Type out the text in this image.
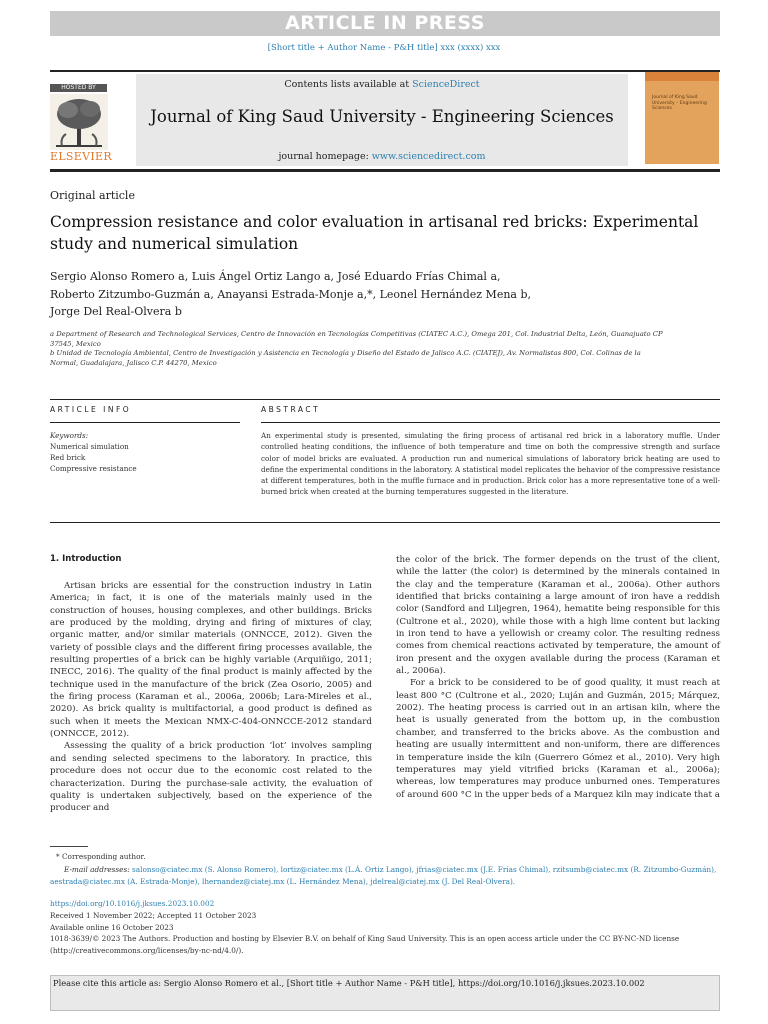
ARTICLE IN PRESS
[Short title + Author Name - P&H title] xxx (xxxx) xxx
HOSTED BY
ELSEVIER
Contents lists available at ScienceDirect
Journal of King Saud University - Engineering Sciences
journal homepage: www.sciencedirect.com
Journal of King Saud University – Engineering Sciences
Original article
Compression resistance and color evaluation in artisanal red bricks: Experimental study and numerical simulation
Sergio Alonso Romero a, Luis Ángel Ortiz Lango a, José Eduardo Frías Chimal a,
Roberto Zitzumbo-Guzmán a, Anayansi Estrada-Monje a,*, Leonel Hernández Mena b,
Jorge Del Real-Olvera b
a Department of Research and Technological Services, Centro de Innovación en Tecnologías Competitivas (CIATEC A.C.), Omega 201, Col. Industrial Delta, León, Guanajuato CP 37545, Mexico
b Unidad de Tecnología Ambiental, Centro de Investigación y Asistencia en Tecnología y Diseño del Estado de Jalisco A.C. (CIATEJ), Av. Normalistas 800, Col. Colinas de la Normal, Guadalajara, Jalisco C.P. 44270, Mexico
ARTICLE INFO	ABSTRACT
Keywords:
Numerical simulation
Red brick
Compressive resistance
An experimental study is presented, simulating the firing process of artisanal red brick in a laboratory muffle. Under controlled heating conditions, the influence of both temperature and time on both the compressive strength and surface color of model bricks are evaluated. A production run and numerical simulations of laboratory brick heating are used to define the experimental conditions in the laboratory. A statistical model replicates the behavior of the compressive resistance at different temperatures, both in the muffle furnace and in production. Brick color has a more representative tone of a well-burned brick when created at the burning temperatures suggested in the literature.
1. Introduction

Artisan bricks are essential for the construction industry in Latin America; in fact, it is one of the materials mainly used in the construction of houses, housing complexes, and other buildings. Bricks are produced by the molding, drying and firing of mixtures of clay, organic matter, and/or similar materials (ONNCCE, 2012). Given the variety of possible clays and the different firing processes available, the resulting properties of a brick can be highly variable (Arquiñigo, 2011; INECC, 2016). The quality of the final product is mainly affected by the technique used in the manufacture of the brick (Zea Osorio, 2005) and the firing process (Karaman et al., 2006a, 2006b; Lara-Mireles et al., 2020). As brick quality is multifactorial, a good product is defined as such when it meets the Mexican NMX-C-404-ONNCCE-2012 standard (ONNCCE, 2012).

Assessing the quality of a brick production ‘lot’ involves sampling and sending selected specimens to the laboratory. In practice, this procedure does not occur due to the economic cost related to the characterization. During the purchase-sale activity, the evaluation of quality is undertaken subjectively, based on the experience of the producer and

the color of the brick. The former depends on the trust of the client, while the latter (the color) is determined by the minerals contained in the clay and the temperature (Karaman et al., 2006a). Other authors identified that bricks containing a large amount of iron have a reddish color (Sandford and Liljegren, 1964), hematite being responsible for this (Cultrone et al., 2020), while those with a high lime content but lacking in iron tend to have a yellowish or creamy color. The resulting redness comes from chemical reactions activated by temperature, the amount of iron present and the oxygen available during the process (Karaman et al., 2006a).

For a brick to be considered to be of good quality, it must reach at least 800 °C (Cultrone et al., 2020; Luján and Guzmán, 2015; Márquez, 2002). The heating process is carried out in an artisan kiln, where the heat is usually generated from the bottom up, in the combustion chamber, and transferred to the bricks above. As the combustion and heating are usually intermittent and non-uniform, there are differences in temperature inside the kiln (Guerrero Gómez et al., 2010). Very high temperatures may yield vitrified bricks (Karaman et al., 2006a); whereas, low temperatures may produce unburned ones. Temperatures of around 600 °C in the upper beds of a Marquez kiln may indicate that a

* Corresponding author.
E-mail addresses: salonso@ciatec.mx (S. Alonso Romero), lortiz@ciatec.mx (L.Á. Ortiz Lango), jfrias@ciatec.mx (J.E. Frías Chimal), rzitsumb@ciatec.mx (R. Zitzumbo-Guzmán), aestrada@ciatec.mx (A. Estrada-Monje), lhernandez@ciatej.mx (L. Hernández Mena), jdelreal@ciatej.mx (J. Del Real-Olvera).
https://doi.org/10.1016/j.jksues.2023.10.002
Received 1 November 2022; Accepted 11 October 2023
Available online 16 October 2023
1018-3639/© 2023 The Authors. Production and hosting by Elsevier B.V. on behalf of King Saud University. This is an open access article under the CC BY-NC-ND license (http://creativecommons.org/licenses/by-nc-nd/4.0/).
Please cite this article as: Sergio Alonso Romero et al., [Short title + Author Name - P&H title], https://doi.org/10.1016/j.jksues.2023.10.002
